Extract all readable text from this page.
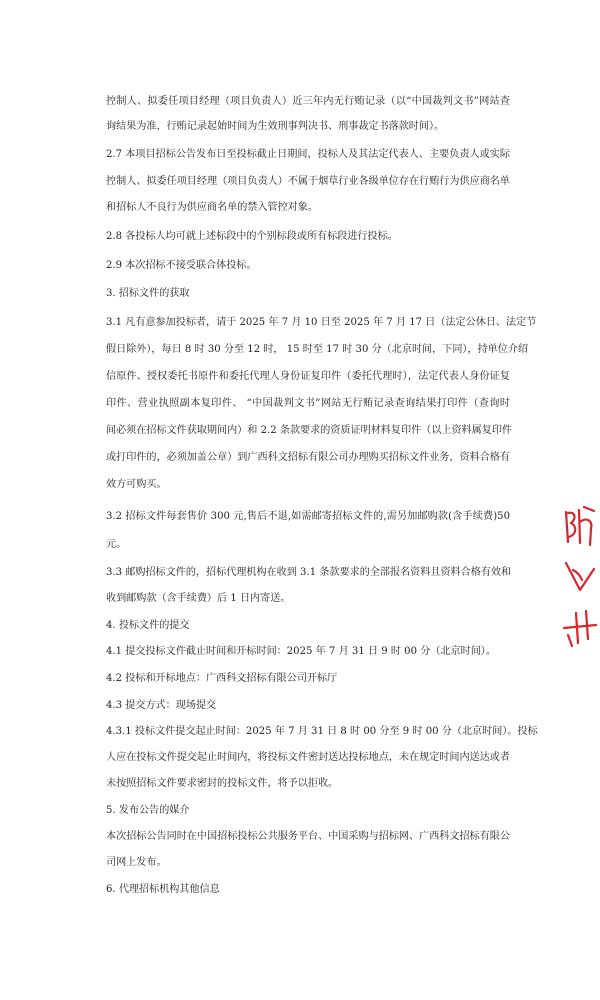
控制人、拟委任项目经理（项目负责人）近三年内无行贿记录（以“中国裁判文书”网站查
询结果为准，行贿记录起始时间为生效刑事判决书、刑事裁定书落款时间）。
2.7 本项目招标公告发布日至投标截止日期间，投标人及其法定代表人、主要负责人或实际
控制人、拟委任项目经理（项目负责人）不属于烟草行业各级单位存在行贿行为供应商名单
和招标人不良行为供应商名单的禁入管控对象。
2.8 各投标人均可就上述标段中的个别标段或所有标段进行投标。
2.9 本次招标不接受联合体投标。
3. 招标文件的获取
3.1 凡有意参加投标者，请于 2025 年 7 月 10 日至 2025 年 7 月 17 日（法定公休日、法定节
假日除外），每日 8 时 30 分至 12 时， 15 时至 17 时 30 分（北京时间，下同），持单位介绍
信原件、授权委托书原件和委托代理人身份证复印件（委托代理时），法定代表人身份证复
印件、营业执照副本复印件、 “中国裁判文书”网站无行贿记录查询结果打印件（查询时
间必须在招标文件获取期间内）和 2.2 条款要求的资质证明材料复印件（以上资料属复印件
或打印件的，必须加盖公章）到广西科文招标有限公司办理购买招标文件业务，资料合格有
效方可购买。
3.2 招标文件每套售价 300 元,售后不退,如需邮寄招标文件的,需另加邮购款(含手续费)50
元。
3.3 邮购招标文件的，招标代理机构在收到 3.1 条款要求的全部报名资料且资料合格有效和
收到邮购款（含手续费）后 1 日内寄送。
4. 投标文件的提交
4.1 提交投标文件截止时间和开标时间：2025 年 7 月 31 日 9 时 00 分（北京时间）。
4.2 投标和开标地点：广西科文招标有限公司开标厅
4.3 提交方式：现场提交
4.3.1 投标文件提交起止时间：2025 年 7 月 31 日 8 时 00 分至 9 时 00 分（北京时间）。投标
人应在投标文件提交起止时间内，将投标文件密封送达投标地点，未在规定时间内送达或者
未按照招标文件要求密封的投标文件，将予以拒收。
5. 发布公告的媒介
本次招标公告同时在中国招标投标公共服务平台、中国采购与招标网、广西科文招标有限公
司网上发布。
6. 代理招标机构其他信息
